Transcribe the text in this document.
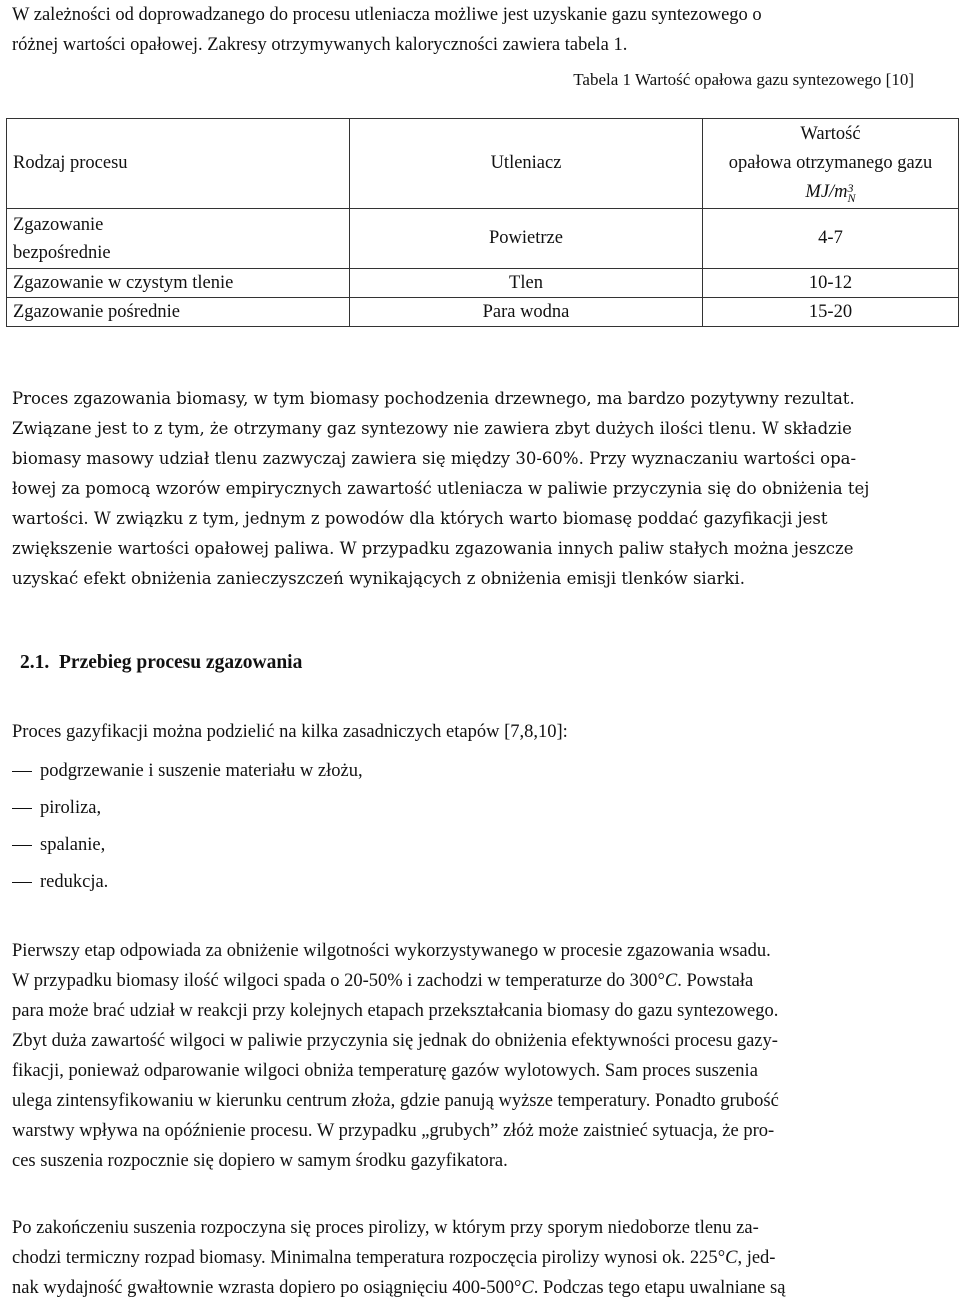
W zależności od doprowadzanego do procesu utleniacza możliwe jest uzyskanie gazu syntezowego o
różnej wartości opałowej. Zakresy otrzymywanych kaloryczności zawiera tabela 1.
Tabela 1 Wartość opałowa gazu syntezowego [10]
Rodzaj procesu	Utleniacz	Wartość
opałowa otrzymanego gazu
MJ/m 3
N

Zgazowanie
bezpośrednie	Powietrze	4-7
Zgazowanie w czystym tlenie	Tlen	10-12
Zgazowanie pośrednie	Para wodna	15-20
Proces zgazowania biomasy, w tym biomasy pochodzenia drzewnego, ma bardzo pozytywny rezultat.
Związane jest to z tym, że otrzymany gaz syntezowy nie zawiera zbyt dużych ilości tlenu. W składzie
biomasy masowy udział tlenu zazwyczaj zawiera się między 30-60%. Przy wyznaczaniu wartości opa-
łowej za pomocą wzorów empirycznych zawartość utleniacza w paliwie przyczynia się do obniżenia tej
wartości. W związku z tym, jednym z powodów dla których warto biomasę poddać gazyfikacji jest
zwiększenie wartości opałowej paliwa. W przypadku zgazowania innych paliw stałych można jeszcze
uzyskać efekt obniżenia zanieczyszczeń wynikających z obniżenia emisji tlenków siarki.
2.1. Przebieg procesu zgazowania
Proces gazyfikacji można podzielić na kilka zasadniczych etapów [7,8,10]:
podgrzewanie i suszenie materiału w złożu,
piroliza,
spalanie,
redukcja.
Pierwszy etap odpowiada za obniżenie wilgotności wykorzystywanego w procesie zgazowania wsadu.
W przypadku biomasy ilość wilgoci spada o 20-50% i zachodzi w temperaturze do 300°C. Powstała
para może brać udział w reakcji przy kolejnych etapach przekształcania biomasy do gazu syntezowego.
Zbyt duża zawartość wilgoci w paliwie przyczynia się jednak do obniżenia efektywności procesu gazy-
fikacji, ponieważ odparowanie wilgoci obniża temperaturę gazów wylotowych. Sam proces suszenia
ulega zintensyfikowaniu w kierunku centrum złoża, gdzie panują wyższe temperatury. Ponadto grubość
warstwy wpływa na opóźnienie procesu. W przypadku „grubych” złóż może zaistnieć sytuacja, że pro-
ces suszenia rozpocznie się dopiero w samym środku gazyfikatora.
Po zakończeniu suszenia rozpoczyna się proces pirolizy, w którym przy sporym niedoborze tlenu za-
chodzi termiczny rozpad biomasy. Minimalna temperatura rozpoczęcia pirolizy wynosi ok. 225°C, jed-
nak wydajność gwałtownie wzrasta dopiero po osiągnięciu 400-500°C. Podczas tego etapu uwalniane są
